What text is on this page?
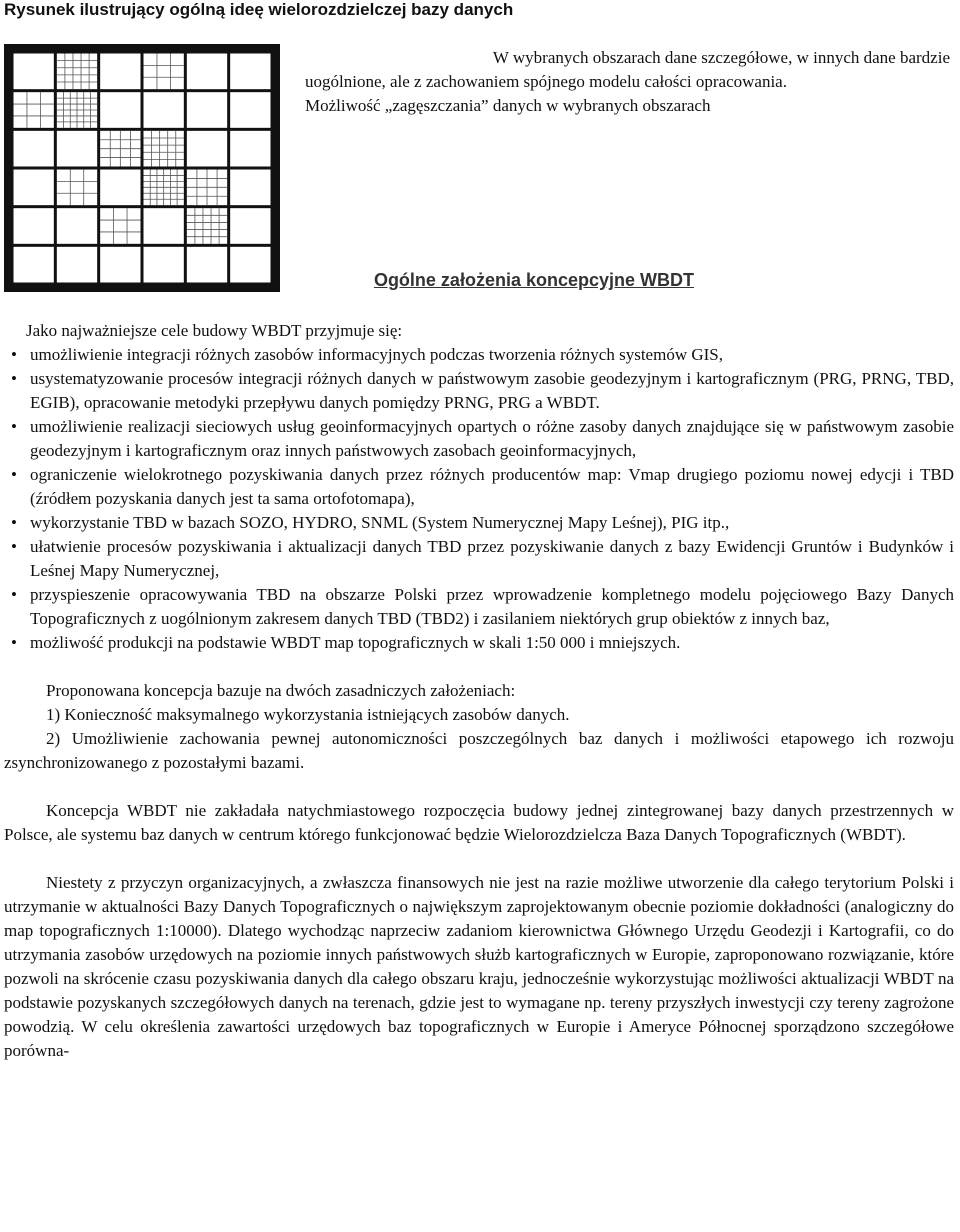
Rysunek ilustrujący ogólną ideę wielorozdzielczej bazy danych
W wybranych obszarach dane szczegółowe, w innych dane bardzie
uogólnione, ale z zachowaniem spójnego modelu całości opracowania.
Możliwość „zagęszczania” danych w wybranych obszarach
Ogólne założenia koncepcyjne WBDT

Jako najważniejsze cele budowy WBDT przyjmuje się:

• umożliwienie integracji różnych zasobów informacyjnych podczas tworzenia różnych systemów GIS,
• usystematyzowanie procesów integracji różnych danych w państwowym zasobie geodezyjnym i kartograficznym (PRG, PRNG, TBD, EGIB), opracowanie metodyki przepływu danych pomiędzy PRNG, PRG a WBDT.
• umożliwienie realizacji sieciowych usług geoinformacyjnych opartych o różne zasoby danych znajdujące się w państwowym zasobie geodezyjnym i kartograficznym oraz innych państwowych zasobach geoinformacyjnych,
• ograniczenie wielokrotnego pozyskiwania danych przez różnych producentów map: Vmap drugiego poziomu nowej edycji i TBD (źródłem pozyskania danych jest ta sama ortofotomapa),
• wykorzystanie TBD w bazach SOZO, HYDRO, SNML (System Numerycznej Mapy Leśnej), PIG itp.,
• ułatwienie procesów pozyskiwania i aktualizacji danych TBD przez pozyskiwanie danych z bazy Ewidencji Gruntów i Budynków i Leśnej Mapy Numerycznej,
• przyspieszenie opracowywania TBD na obszarze Polski przez wprowadzenie kompletnego modelu pojęciowego Bazy Danych Topograficznych z uogólnionym zakresem danych TBD (TBD2) i zasilaniem niektórych grup obiektów z innych baz,
• możliwość produkcji na podstawie WBDT map topograficznych w skali 1:50 000 i mniejszych.

Proponowana koncepcja bazuje na dwóch zasadniczych założeniach:

1) Konieczność maksymalnego wykorzystania istniejących zasobów danych.

2) Umożliwienie zachowania pewnej autonomiczności poszczególnych baz danych i możliwości etapowego ich rozwoju zsynchronizowanego z pozostałymi bazami.

Koncepcja WBDT nie zakładała natychmiastowego rozpoczęcia budowy jednej zintegrowanej bazy danych przestrzennych w Polsce, ale systemu baz danych w centrum którego funkcjonować będzie Wielorozdzielcza Baza Danych Topograficznych (WBDT).

Niestety z przyczyn organizacyjnych, a zwłaszcza finansowych nie jest na razie możliwe utworzenie dla całego terytorium Polski i utrzymanie w aktualności Bazy Danych Topograficznych o największym zaprojektowanym obecnie poziomie dokładności (analogiczny do map topograficznych 1:10000). Dlatego wychodząc naprzeciw zadaniom kierownictwa Głównego Urzędu Geodezji i Kartografii, co do utrzymania zasobów urzędowych na poziomie innych państwowych służb kartograficznych w Europie, zaproponowano rozwiązanie, które pozwoli na skrócenie czasu pozyskiwania danych dla całego obszaru kraju, jednocześnie wykorzystując możliwości aktualizacji WBDT na podstawie pozyskanych szczegółowych danych na terenach, gdzie jest to wymagane np. tereny przyszłych inwestycji czy tereny zagrożone powodzią. W celu określenia zawartości urzędowych baz topograficznych w Europie i Ameryce Północnej sporządzono szczegółowe porówna-
